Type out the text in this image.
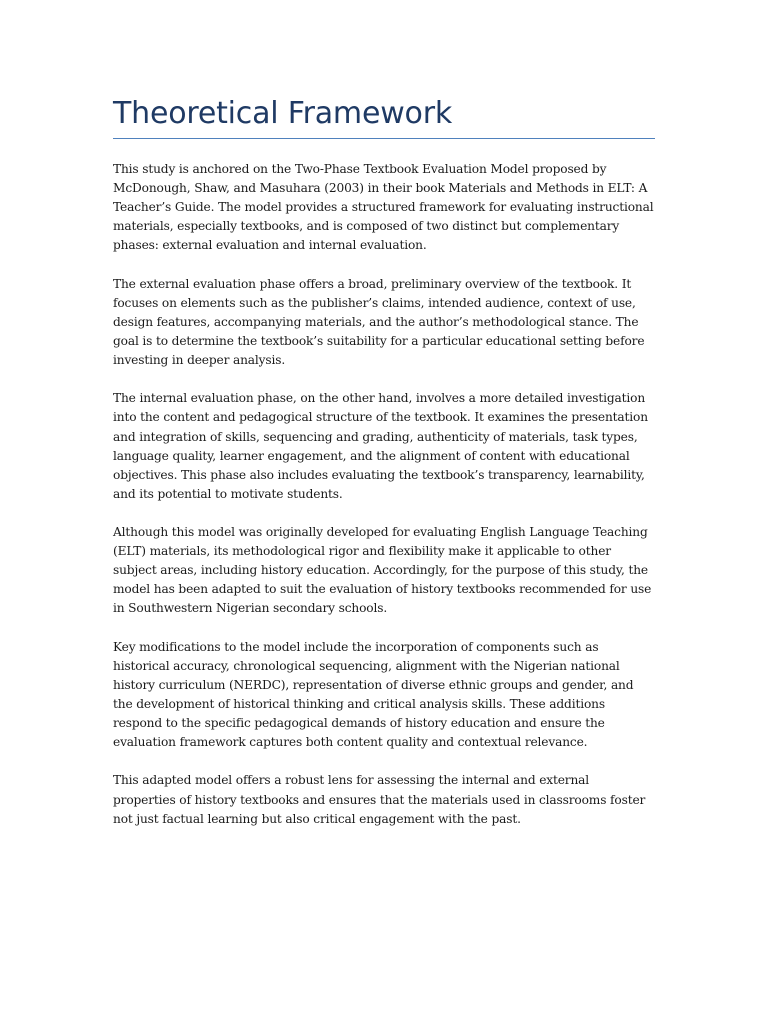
Theoretical Framework

This study is anchored on the Two-Phase Textbook Evaluation Model proposed by McDonough, Shaw, and Masuhara (2003) in their book Materials and Methods in ELT: A Teacher’s Guide. The model provides a structured framework for evaluating instructional materials, especially textbooks, and is composed of two distinct but complementary phases: external evaluation and internal evaluation.

The external evaluation phase offers a broad, preliminary overview of the textbook. It focuses on elements such as the publisher’s claims, intended audience, context of use, design features, accompanying materials, and the author’s methodological stance. The goal is to determine the textbook’s suitability for a particular educational setting before investing in deeper analysis.

The internal evaluation phase, on the other hand, involves a more detailed investigation into the content and pedagogical structure of the textbook. It examines the presentation and integration of skills, sequencing and grading, authenticity of materials, task types, language quality, learner engagement, and the alignment of content with educational objectives. This phase also includes evaluating the textbook’s transparency, learnability, and its potential to motivate students.

Although this model was originally developed for evaluating English Language Teaching (ELT) materials, its methodological rigor and flexibility make it applicable to other subject areas, including history education. Accordingly, for the purpose of this study, the model has been adapted to suit the evaluation of history textbooks recommended for use in Southwestern Nigerian secondary schools.

Key modifications to the model include the incorporation of components such as historical accuracy, chronological sequencing, alignment with the Nigerian national history curriculum (NERDC), representation of diverse ethnic groups and gender, and the development of historical thinking and critical analysis skills. These additions respond to the specific pedagogical demands of history education and ensure the evaluation framework captures both content quality and contextual relevance.

This adapted model offers a robust lens for assessing the internal and external properties of history textbooks and ensures that the materials used in classrooms foster not just factual learning but also critical engagement with the past.
